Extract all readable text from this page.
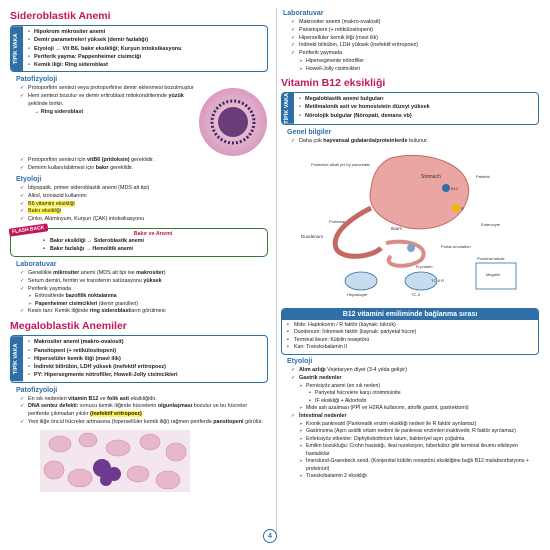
Sideroblastik Anemi
TİPİK VAKA
• Hipokrom mikrositer anemi
• Demir parametreleri yüksek (demir fazlalığı)
• Etyoloji → Vit B6, bakır eksikliği; Kurşun intoksikasyonu
• Periferik yayma: Pappenheimer cisimciği
• Kemik iliği: Ring sideroblast
Patofizyoloji
✓ Protoporfirin sentezi veya protoporfirine demir eklenmesi bozulmuştur
✓ Hem sentezi bozulur ve demir eritroblast mitokondrilerinde yüzük şeklinde birikir.
→ Ring sideroblast
✓ Protoporfirin sentezi için vitB6 (pridoksin) gereklidir.
✓ Demirin kullanılabilmesi için bakır gereklidir.
Etyoloji
✓ İdiyopatik, primer sideroblastik anemi (MDS alt tipi)
✓ Alkol, izoniazid kullanımı
✓ B6 vitamini eksikliği
✓ Bakır eksikliği
✓ Çinko, Alüminyum, Kurşun (ÇAK) intoksikasyonu
FLASH BACK	Bakır ve Anemi
• Bakır eksikliği → Sideroblastik anemi
• Bakır fazlalığı → Hemolitik anemi
Laboratuvar
✓ Genellikle mikrositer anemi (MDS alt tipi ise makrositer)
✓ Serum demiri, ferritin ve transferrin satürasyonu yüksek
✓ Periferik yaymada
➢ Eritrositlerde bazofilik noktalanma
➢ Papenheimer cisimcikleri (demir granülleri)
✓ Kesin tanı: Kemik iliğinde ring sideroblastların görülmesi
Megaloblastik Anemiler
TİPİK VAKA
• Makrositer anemi (makro-ovalosit)
• Pansitopeni (+ retikülositopeni)
• Hiperselüler kemik iliği (mavi ilik)
• İndirekt bilirübin, LDH yüksek (inefektif eritropoez)
• PY: Hipersegmente nötrofiller, Howell-Jolly cisimcikleri
Patofizyoloji
✓ En sık nedenleri vitamin B12 ve folik asit eksikliğidir.
✓ DNA sentez defekti: sonucu kemik iliğinde hücrelerin olgunlaşması bozulur ve bu hücreler periferde çıkmadan yıkılır (inefektif eritropoez)
✓ Yeni iliğe öncül hücreler artmasına (hipersellüler kemik iliği) rağmen periferde pansitopeni görülür.
Laboratuvar
✓ Makrositer anemi (makro-ovalosit)
✓ Pansitopeni (+ retikülositopeni)
✓ Hipersellüler kemik iliği (mavi ilik)
✓ İndirekt bilirübin, LDH yüksek (inefektif eritropoez)
✓ Periferik yaymada
➢ Hipersegmente nötrofiller
➢ Howell-Jolly cisimcikleri
Vitamin B12 eksikliği
TİPİK VAKA
•	Megaloblastik anemi bulguları
• Metilmalonik asit ve homosistein düzeyi yüksek
• Nörolojik bulgular (Nöropati, demans vb)
Genel bilgiler
✓ Daha çok hayvansal gıdalarda/proteinlerde bulunur.
Protective alkali pH by pancreatic
Stomach
Duodenum
Ileum
Portal circulation
Protease
Hepatocyte
Proximal tubule
Parietal
Enterocyte
TC-II
Megalin
B12
IF
R-protein
TC-II R
B12 vitamini emiliminde bağlanma sırası
• Mide: Haptokorrin / R faktör (kaynak: tükrük)
• Duodenum: İntrensek faktör (kaynak: pariyetal hücre)
• Terminal ileum: Kübilin reseptörü
• Kan: Transkobalamin II
Etyoloji
✓ Alım azlığı Vejetaryen diyet (3-4 yılda gelişir)
✓ Gastrik nedenler
➢ Pernisiyöz anemi (en sık neden)
• Pariyetal hücrelere karşı otoimmünite
• IF eksikliği + Aklorhidri
➢ Mide asit azalması (PPİ ve H2RA kullanımı, atrofik gastrit, gastrektomi)
✓ İntestinal nedenler
➢ Kronik pankreatit (Pankreatik enzim eksikliği nedeni ile R faktör ayrılamaz)
➢ Gastrinoma (Aşırı asidik ortam nedeni ile pankreas enzimleri inaktivedir, R faktör ayrılamaz)
➢ Enfeksiyöz etkenler: Diphyllobothrium latum, bakteriyel aşırı çoğalma
➢ Emilim bozukluğu: Crohn hastalığı, ileal rezeksiyon, tüberküloz gibi terminal ileumu etkileyen hastalıklar
➢ İmerslund-Graesbeck send. (Konjenital kübilin reseptörü eksikliğine bağlı B12 malabsorbsiyonu + proteinüri)
➢ Transkobalamin 2 eksikliği
4
